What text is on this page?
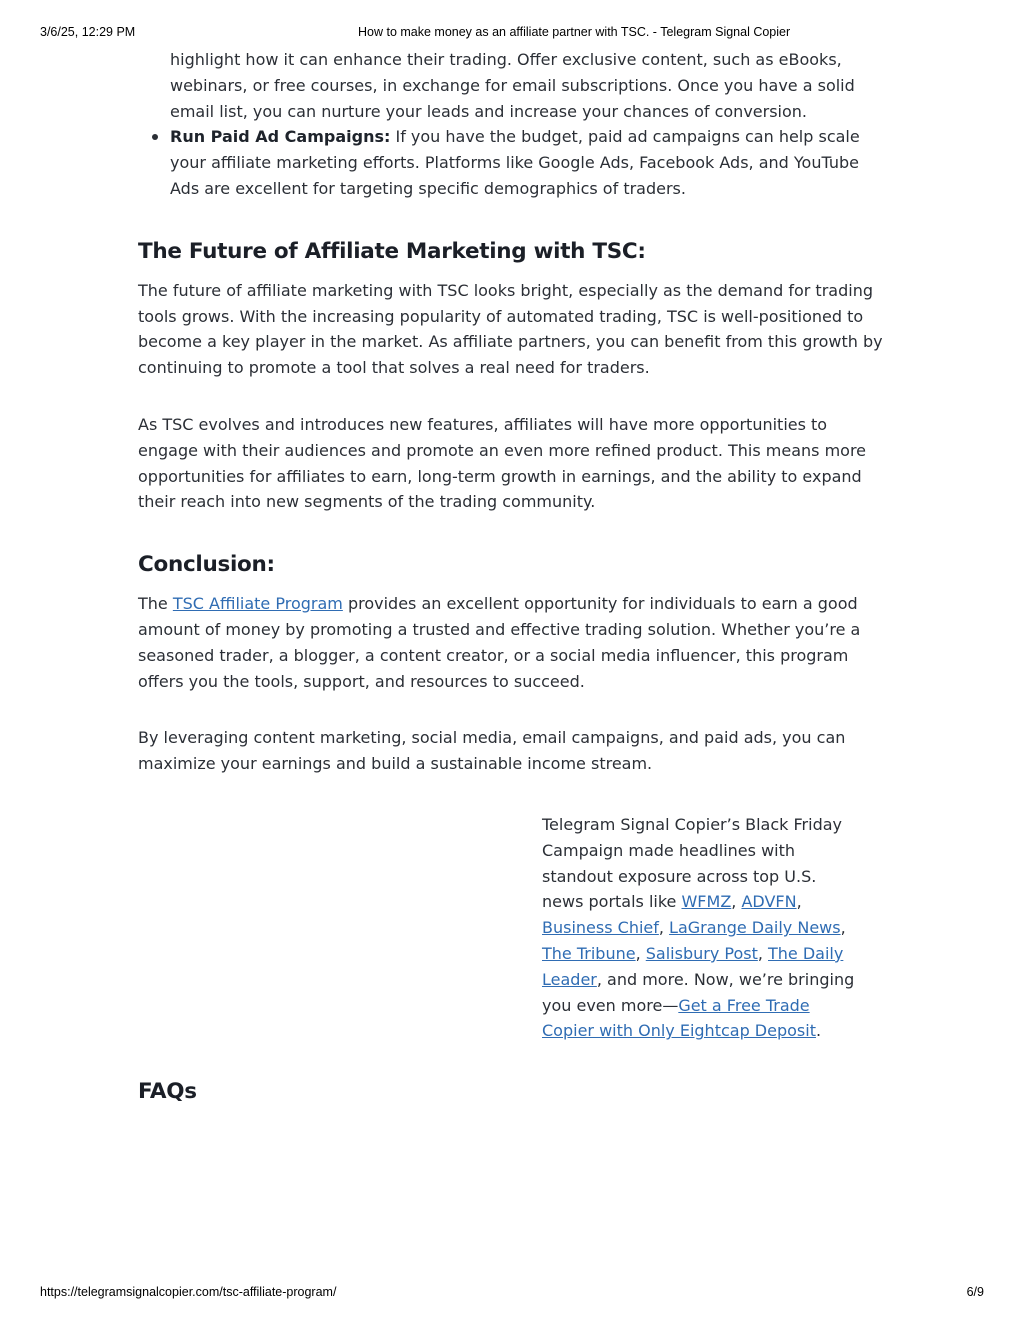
3/6/25, 12:29 PM	How to make money as an affiliate partner with TSC. - Telegram Signal Copier
highlight how it can enhance their trading. Offer exclusive content, such as eBooks, webinars, or free courses, in exchange for email subscriptions. Once you have a solid email list, you can nurture your leads and increase your chances of conversion.
Run Paid Ad Campaigns: If you have the budget, paid ad campaigns can help scale your affiliate marketing efforts. Platforms like Google Ads, Facebook Ads, and YouTube Ads are excellent for targeting specific demographics of traders.
The Future of Affiliate Marketing with TSC:

The future of affiliate marketing with TSC looks bright, especially as the demand for trading tools grows. With the increasing popularity of automated trading, TSC is well-positioned to become a key player in the market. As affiliate partners, you can benefit from this growth by continuing to promote a tool that solves a real need for traders.

As TSC evolves and introduces new features, affiliates will have more opportunities to engage with their audiences and promote an even more refined product. This means more opportunities for affiliates to earn, long-term growth in earnings, and the ability to expand their reach into new segments of the trading community.

Conclusion:

The TSC Affiliate Program provides an excellent opportunity for individuals to earn a good amount of money by promoting a trusted and effective trading solution. Whether you’re a seasoned trader, a blogger, a content creator, or a social media influencer, this program offers you the tools, support, and resources to succeed.

By leveraging content marketing, social media, email campaigns, and paid ads, you can maximize your earnings and build a sustainable income stream.

Telegram Signal Copier’s Black Friday Campaign made headlines with standout exposure across top U.S. news portals like WFMZ, ADVFN, Business Chief, LaGrange Daily News, The Tribune, Salisbury Post, The Daily Leader, and more. Now, we’re bringing you even more—Get a Free Trade Copier with Only Eightcap Deposit.
FAQs
https://telegramsignalcopier.com/tsc-affiliate-program/	6/9
